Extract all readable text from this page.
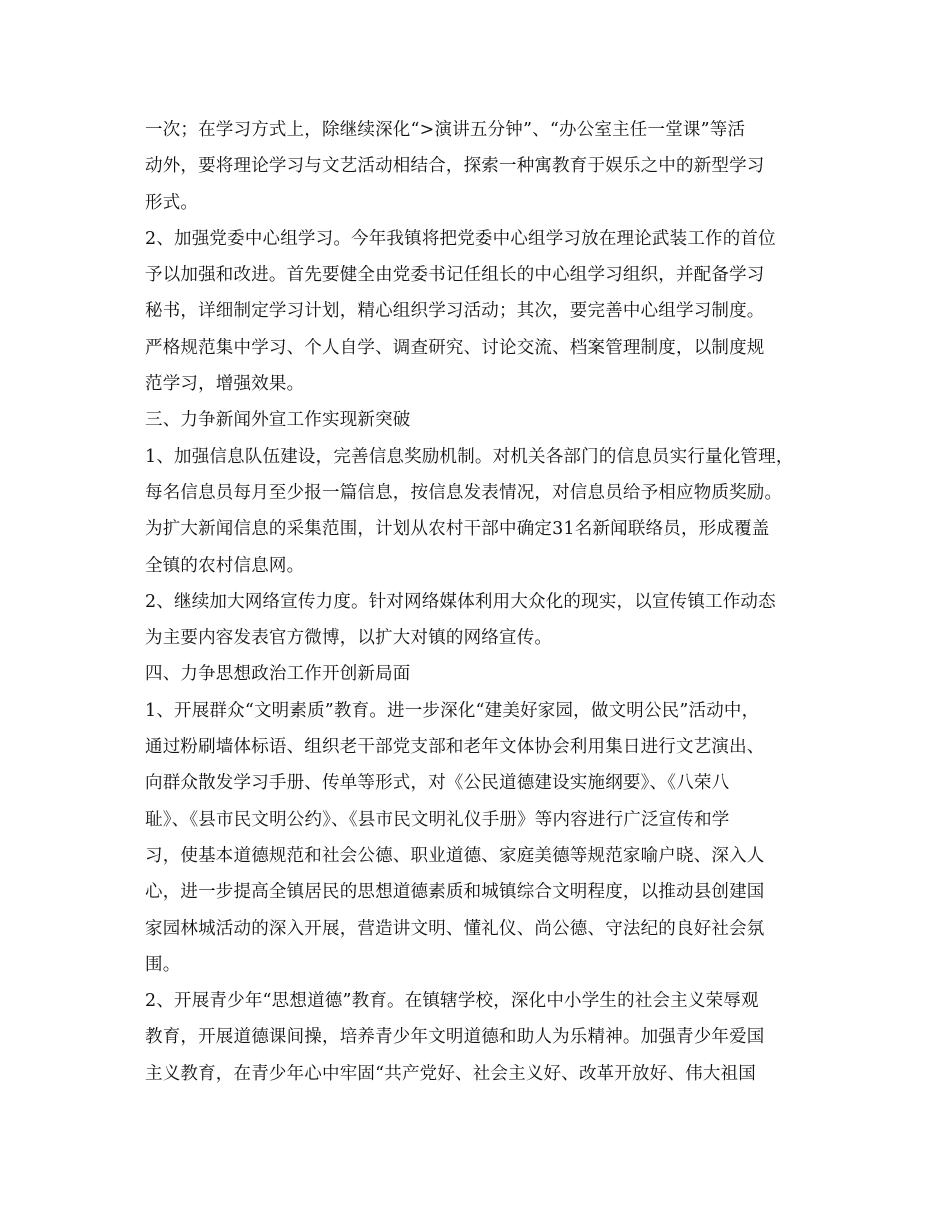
一次；在学习方式上，除继续深化“>演讲五分钟”、“办公室主任一堂课”等活
动外，要将理论学习与文艺活动相结合，探索一种寓教育于娱乐之中的新型学习
形式。
2、加强党委中心组学习。今年我镇将把党委中心组学习放在理论武装工作的首位
予以加强和改进。首先要健全由党委书记任组长的中心组学习组织，并配备学习
秘书，详细制定学习计划，精心组织学习活动；其次，要完善中心组学习制度。
严格规范集中学习、个人自学、调查研究、讨论交流、档案管理制度，以制度规
范学习，增强效果。
三、力争新闻外宣工作实现新突破
1、加强信息队伍建设，完善信息奖励机制。对机关各部门的信息员实行量化管理，
每名信息员每月至少报一篇信息，按信息发表情况，对信息员给予相应物质奖励。
为扩大新闻信息的采集范围，计划从农村干部中确定31名新闻联络员，形成覆盖
全镇的农村信息网。
2、继续加大网络宣传力度。针对网络媒体利用大众化的现实，以宣传镇工作动态
为主要内容发表官方微博，以扩大对镇的网络宣传。
四、力争思想政治工作开创新局面
1、开展群众“文明素质”教育。进一步深化“建美好家园，做文明公民”活动中，
通过粉刷墙体标语、组织老干部党支部和老年文体协会利用集日进行文艺演出、
向群众散发学习手册、传单等形式，对《公民道德建设实施纲要》、《八荣八
耻》、《县市民文明公约》、《县市民文明礼仪手册》等内容进行广泛宣传和学
习，使基本道德规范和社会公德、职业道德、家庭美德等规范家喻户晓、深入人
心，进一步提高全镇居民的思想道德素质和城镇综合文明程度，以推动县创建国
家园林城活动的深入开展，营造讲文明、懂礼仪、尚公德、守法纪的良好社会氛
围。
2、开展青少年“思想道德”教育。在镇辖学校，深化中小学生的社会主义荣辱观
教育，开展道德课间操，培养青少年文明道德和助人为乐精神。加强青少年爱国
主义教育，在青少年心中牢固“共产党好、社会主义好、改革开放好、伟大祖国
